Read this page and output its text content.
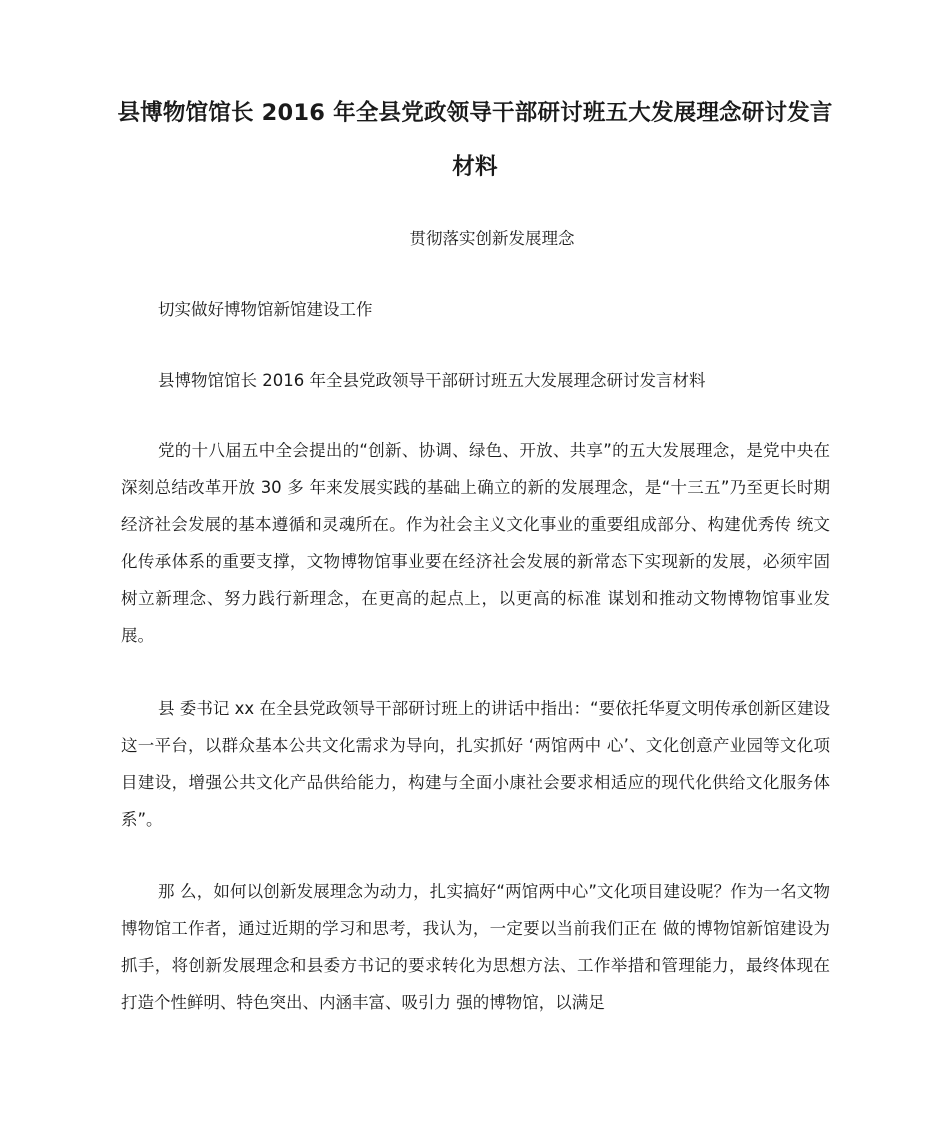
县博物馆馆长 2016 年全县党政领导干部研讨班五大发展理念研讨发言材料

贯彻落实创新发展理念

切实做好博物馆新馆建设工作

县博物馆馆长 2016 年全县党政领导干部研讨班五大发展理念研讨发言材料

党的十八届五中全会提出的“创新、协调、绿色、开放、共享”的五大发展理念，是党中央在深刻总结改革开放 30 多 年来发展实践的基础上确立的新的发展理念，是“十三五”乃至更长时期经济社会发展的基本遵循和灵魂所在。作为社会主义文化事业的重要组成部分、构建优秀传 统文化传承体系的重要支撑，文物博物馆事业要在经济社会发展的新常态下实现新的发展，必须牢固树立新理念、努力践行新理念，在更高的起点上，以更高的标准 谋划和推动文物博物馆事业发展。

县 委书记 xx 在全县党政领导干部研讨班上的讲话中指出：“要依托华夏文明传承创新区建设这一平台，以群众基本公共文化需求为导向，扎实抓好 ‘两馆两中 心’、文化创意产业园等文化项目建设，增强公共文化产品供给能力，构建与全面小康社会要求相适应的现代化供给文化服务体系”。

那 么，如何以创新发展理念为动力，扎实搞好“两馆两中心”文化项目建设呢？作为一名文物博物馆工作者，通过近期的学习和思考，我认为，一定要以当前我们正在 做的博物馆新馆建设为抓手，将创新发展理念和县委方书记的要求转化为思想方法、工作举措和管理能力，最终体现在打造个性鲜明、特色突出、内涵丰富、吸引力 强的博物馆，以满足
